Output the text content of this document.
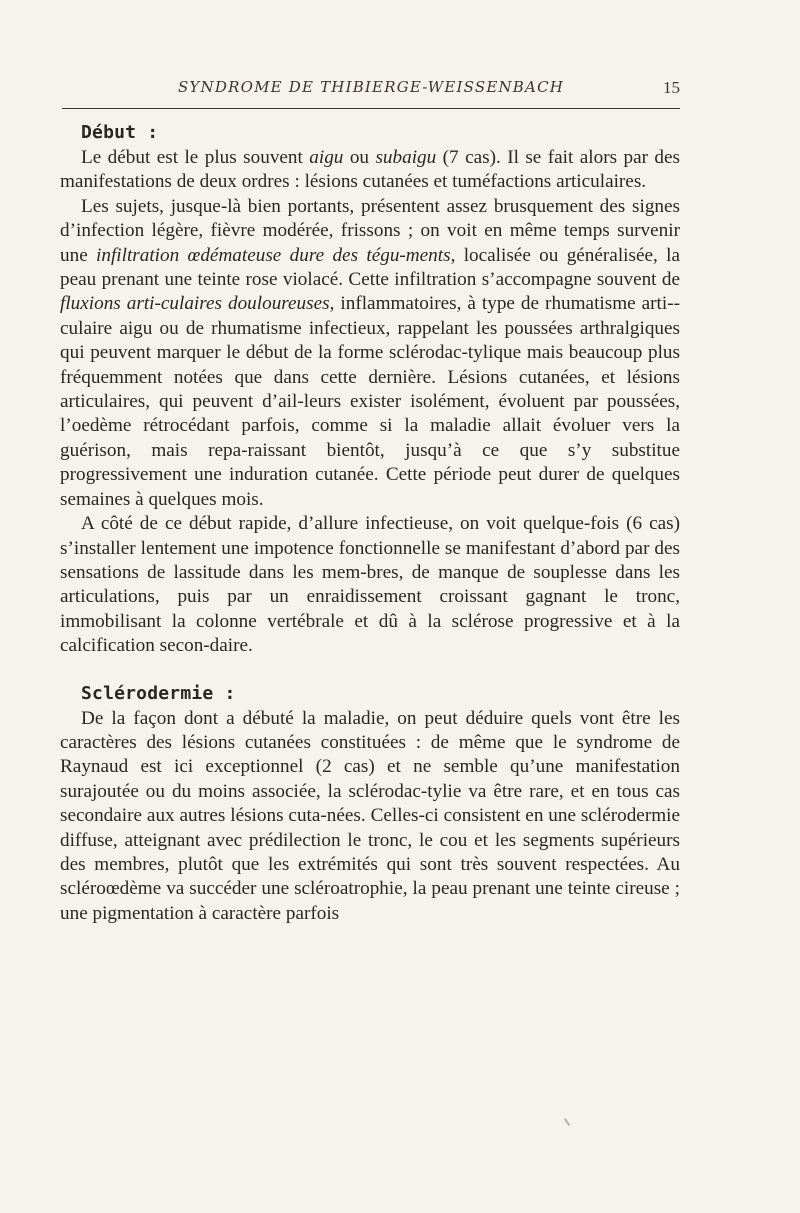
SYNDROME DE THIBIERGE-WEISSENBACH	15
Début :

Le début est le plus souvent aigu ou subaigu (7 cas). Il se fait alors par des manifestations de deux ordres : lésions cutanées et tuméfactions articulaires.

Les sujets, jusque-là bien portants, présentent assez brusquement des signes d’infection légère, fièvre modérée, frissons ; on voit en même temps survenir une infiltration œdémateuse dure des tégu-ments, localisée ou généralisée, la peau prenant une teinte rose violacé. Cette infiltration s’accompagne souvent de fluxions arti-culaires douloureuses, inflammatoires, à type de rhumatisme arti-culaire aigu ou de rhumatisme infectieux, rappelant les poussées arthralgiques qui peuvent marquer le début de la forme sclérodac-tylique mais beaucoup plus fréquemment notées que dans cette dernière. Lésions cutanées, et lésions articulaires, qui peuvent d’ail-leurs exister isolément, évoluent par poussées, l’oedème rétrocédant parfois, comme si la maladie allait évoluer vers la guérison, mais repa-raissant bientôt, jusqu’à ce que s’y substitue progressivement une induration cutanée. Cette période peut durer de quelques semaines à quelques mois.

A côté de ce début rapide, d’allure infectieuse, on voit quelque-fois (6 cas) s’installer lentement une impotence fonctionnelle se manifestant d’abord par des sensations de lassitude dans les mem-bres, de manque de souplesse dans les articulations, puis par un enraidissement croissant gagnant le tronc, immobilisant la colonne vertébrale et dû à la sclérose progressive et à la calcification secon-daire.

Sclérodermie :

De la façon dont a débuté la maladie, on peut déduire quels vont être les caractères des lésions cutanées constituées : de même que le syndrome de Raynaud est ici exceptionnel (2 cas) et ne semble qu’une manifestation surajoutée ou du moins associée, la sclérodac-tylie va être rare, et en tous cas secondaire aux autres lésions cuta-nées. Celles-ci consistent en une sclérodermie diffuse, atteignant avec prédilection le tronc, le cou et les segments supérieurs des membres, plutôt que les extrémités qui sont très souvent respectées. Au scléroœdème va succéder une scléroatrophie, la peau prenant une teinte cireuse ; une pigmentation à caractère parfois
